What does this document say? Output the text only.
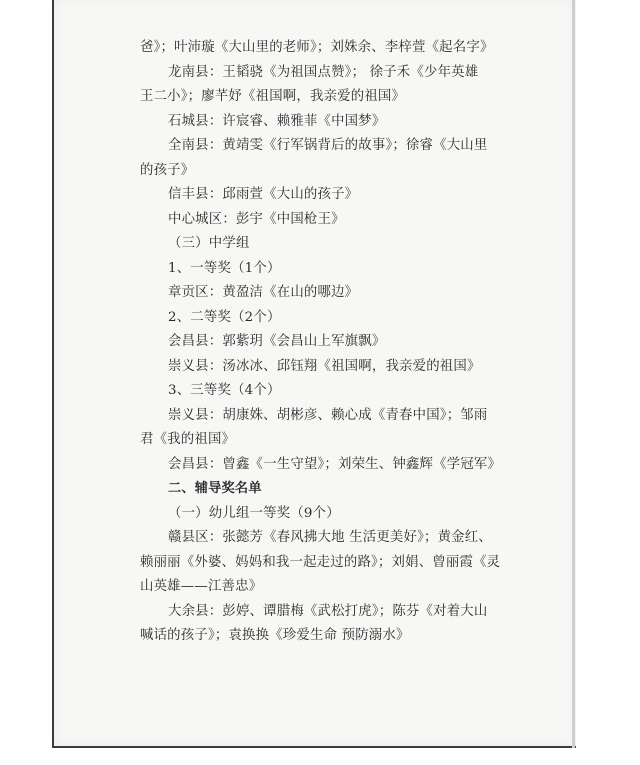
爸》；叶沛璇《大山里的老师》；刘姝余、李梓萱《起名字》
龙南县：王韬骁《为祖国点赞》； 徐子禾《少年英雄
王二小》；廖芊妤《祖国啊，我亲爱的祖国》
石城县：许宸睿、赖雅菲《中国梦》
全南县：黄靖雯《行军锅背后的故事》；徐睿《大山里
的孩子》
信丰县：邱雨萱《大山的孩子》
中心城区：彭宇《中国枪王》
（三）中学组
1、一等奖（1个）
章贡区：黄盈洁《在山的哪边》
2、二等奖（2个）
会昌县：郭紫玥《会昌山上军旗飘》
崇义县：汤冰冰、邱钰翔《祖国啊，我亲爱的祖国》
3、三等奖（4个）
崇义县：胡康姝、胡彬彦、赖心成《青春中国》；邹雨
君《我的祖国》
会昌县：曾鑫《一生守望》；刘荣生、钟鑫辉《学冠军》
二、辅导奖名单
（一）幼儿组一等奖（9个）
赣县区：张懿芳《春风拂大地 生活更美好》；黄金红、
赖丽丽《外婆、妈妈和我一起走过的路》；刘娟、曾丽霞《灵
山英雄——江善忠》
大余县：彭婷、谭腊梅《武松打虎》；陈芬《对着大山
喊话的孩子》；袁换换《珍爱生命 预防溺水》
